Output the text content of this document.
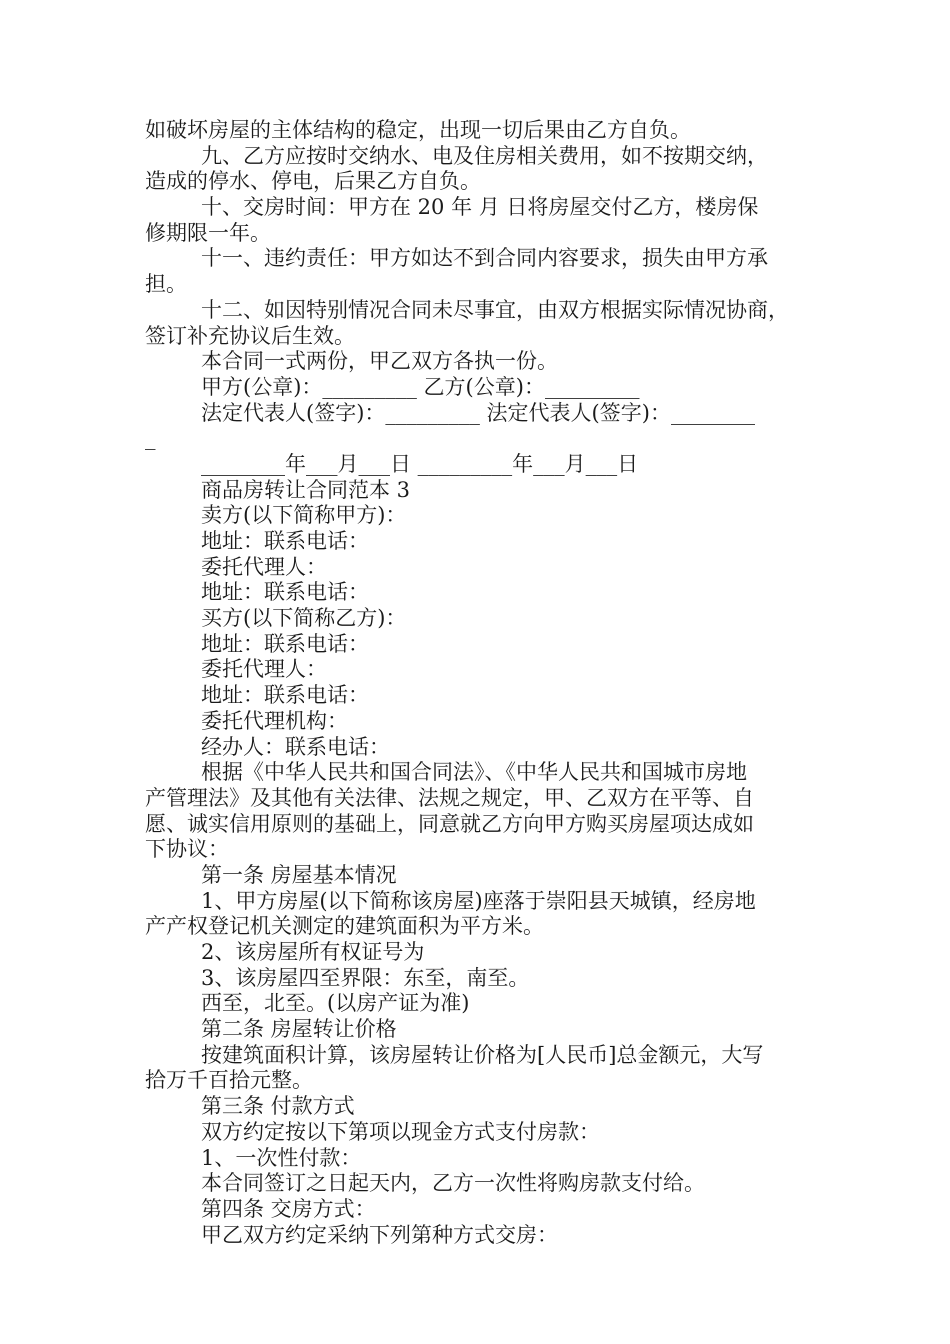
如破坏房屋的主体结构的稳定，出现一切后果由乙方自负。
九、乙方应按时交纳水、电及住房相关费用，如不按期交纳，
造成的停水、停电，后果乙方自负。
十、交房时间：甲方在 20 年 月 日将房屋交付乙方，楼房保
修期限一年。
十一、违约责任：甲方如达不到合同内容要求，损失由甲方承
担。
十二、如因特别情况合同未尽事宜，由双方根据实际情况协商，
签订补充协议后生效。
本合同一式两份，甲乙双方各执一份。
甲方(公章)：_________ 乙方(公章)：_________
法定代表人(签字)：_________ 法定代表人(签字)：________
_
________年___月___日 _________年___月___日
商品房转让合同范本 3
卖方(以下简称甲方)：
地址：联系电话：
委托代理人：
地址：联系电话：
买方(以下简称乙方)：
地址：联系电话：
委托代理人：
地址：联系电话：
委托代理机构：
经办人：联系电话：
根据《中华人民共和国合同法》、《中华人民共和国城市房地
产管理法》及其他有关法律、法规之规定，甲、乙双方在平等、自
愿、诚实信用原则的基础上，同意就乙方向甲方购买房屋项达成如
下协议：
第一条 房屋基本情况
1、甲方房屋(以下简称该房屋)座落于崇阳县天城镇，经房地
产产权登记机关测定的建筑面积为平方米。
2、该房屋所有权证号为
3、该房屋四至界限：东至，南至。
西至，北至。(以房产证为准)
第二条 房屋转让价格
按建筑面积计算，该房屋转让价格为[人民币]总金额元，大写
拾万千百拾元整。
第三条 付款方式
双方约定按以下第项以现金方式支付房款：
1、一次性付款：
本合同签订之日起天内，乙方一次性将购房款支付给。
第四条 交房方式：
甲乙双方约定采纳下列第种方式交房：
